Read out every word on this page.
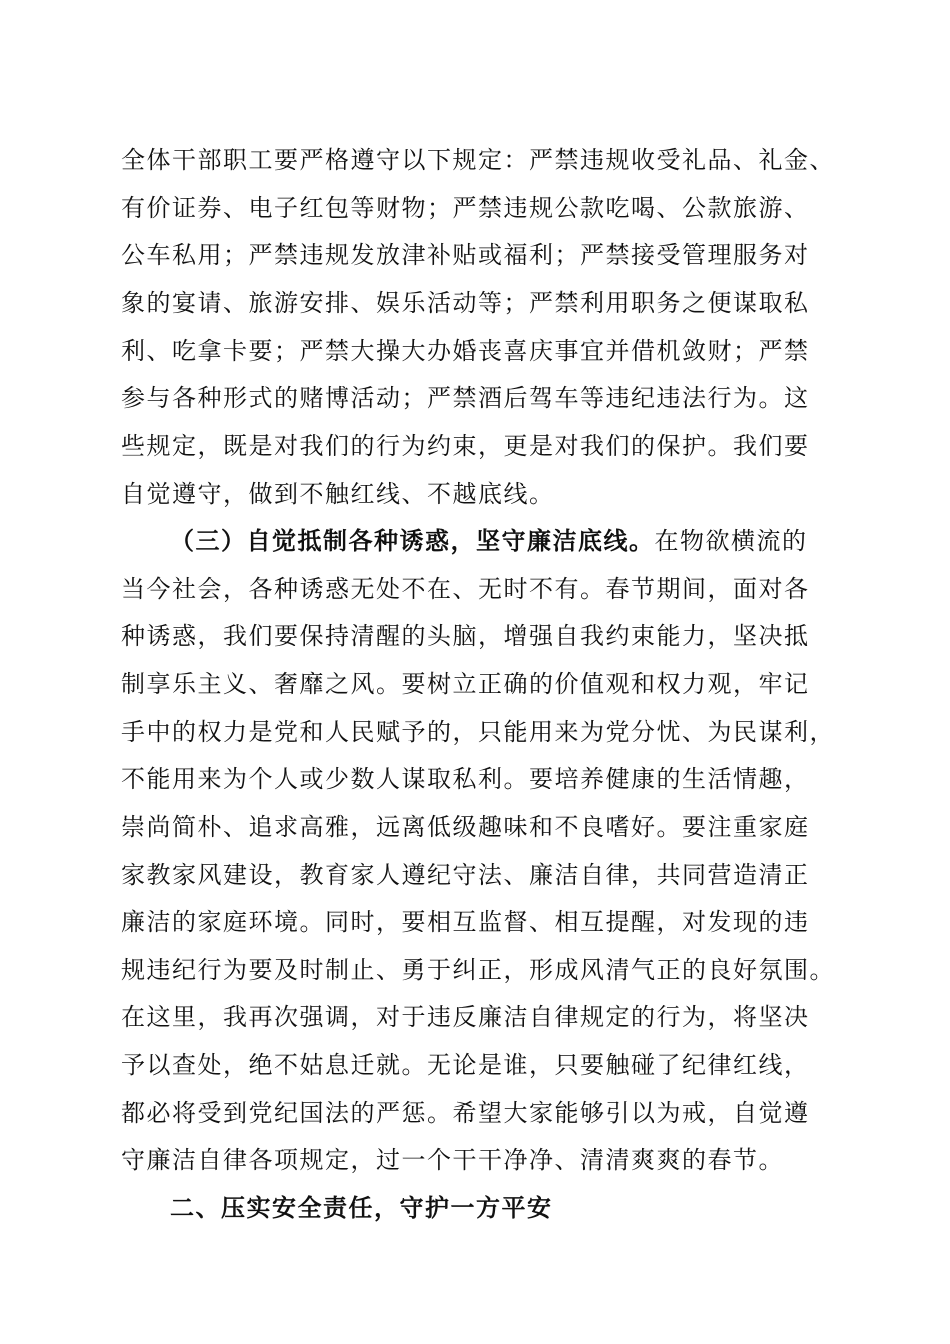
全体干部职工要严格遵守以下规定：严禁违规收受礼品、礼金、
有价证券、电子红包等财物；严禁违规公款吃喝、公款旅游、
公车私用；严禁违规发放津补贴或福利；严禁接受管理服务对
象的宴请、旅游安排、娱乐活动等；严禁利用职务之便谋取私
利、吃拿卡要；严禁大操大办婚丧喜庆事宜并借机敛财；严禁
参与各种形式的赌博活动；严禁酒后驾车等违纪违法行为。这
些规定，既是对我们的行为约束，更是对我们的保护。我们要
自觉遵守，做到不触红线、不越底线。
（三）自觉抵制各种诱惑，坚守廉洁底线。在物欲横流的
当今社会，各种诱惑无处不在、无时不有。春节期间，面对各
种诱惑，我们要保持清醒的头脑，增强自我约束能力，坚决抵
制享乐主义、奢靡之风。要树立正确的价值观和权力观，牢记
手中的权力是党和人民赋予的，只能用来为党分忧、为民谋利，
不能用来为个人或少数人谋取私利。要培养健康的生活情趣，
崇尚简朴、追求高雅，远离低级趣味和不良嗜好。要注重家庭
家教家风建设，教育家人遵纪守法、廉洁自律，共同营造清正
廉洁的家庭环境。同时，要相互监督、相互提醒，对发现的违
规违纪行为要及时制止、勇于纠正，形成风清气正的良好氛围。
在这里，我再次强调，对于违反廉洁自律规定的行为，将坚决
予以查处，绝不姑息迁就。无论是谁，只要触碰了纪律红线，
都必将受到党纪国法的严惩。希望大家能够引以为戒，自觉遵
守廉洁自律各项规定，过一个干干净净、清清爽爽的春节。
二、压实安全责任，守护一方平安
